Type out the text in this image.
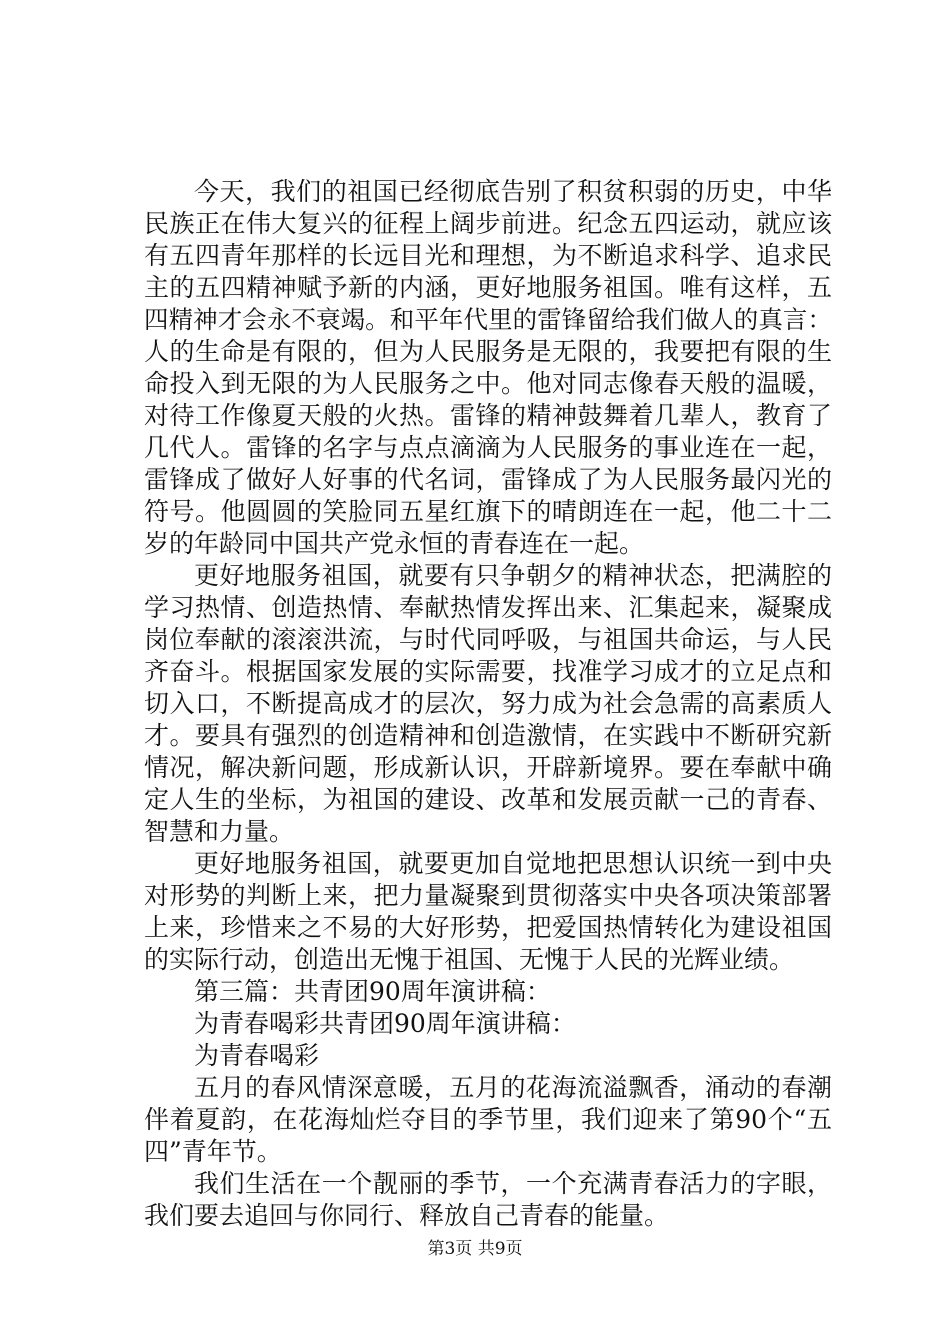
今天，我们的祖国已经彻底告别了积贫积弱的历史，中华
民族正在伟大复兴的征程上阔步前进。纪念五四运动，就应该
有五四青年那样的长远目光和理想，为不断追求科学、追求民
主的五四精神赋予新的内涵，更好地服务祖国。唯有这样，五
四精神才会永不衰竭。和平年代里的雷锋留给我们做人的真言：
人的生命是有限的，但为人民服务是无限的，我要把有限的生
命投入到无限的为人民服务之中。他对同志像春天般的温暖，
对待工作像夏天般的火热。雷锋的精神鼓舞着几辈人，教育了
几代人。雷锋的名字与点点滴滴为人民服务的事业连在一起，
雷锋成了做好人好事的代名词，雷锋成了为人民服务最闪光的
符号。他圆圆的笑脸同五星红旗下的晴朗连在一起，他二十二
岁的年龄同中国共产党永恒的青春连在一起。
更好地服务祖国，就要有只争朝夕的精神状态，把满腔的
学习热情、创造热情、奉献热情发挥出来、汇集起来，凝聚成
岗位奉献的滚滚洪流，与时代同呼吸，与祖国共命运，与人民
齐奋斗。根据国家发展的实际需要，找准学习成才的立足点和
切入口，不断提高成才的层次，努力成为社会急需的高素质人
才。要具有强烈的创造精神和创造激情，在实践中不断研究新
情况，解决新问题，形成新认识，开辟新境界。要在奉献中确
定人生的坐标，为祖国的建设、改革和发展贡献一己的青春、
智慧和力量。
更好地服务祖国，就要更加自觉地把思想认识统一到中央
对形势的判断上来，把力量凝聚到贯彻落实中央各项决策部署
上来，珍惜来之不易的大好形势，把爱国热情转化为建设祖国
的实际行动，创造出无愧于祖国、无愧于人民的光辉业绩。
第三篇：共青团90周年演讲稿：
为青春喝彩共青团90周年演讲稿：
为青春喝彩
五月的春风情深意暖，五月的花海流溢飘香，涌动的春潮
伴着夏韵，在花海灿烂夺目的季节里，我们迎来了第90个“五
四”青年节。
我们生活在一个靓丽的季节，一个充满青春活力的字眼，
我们要去追回与你同行、释放自己青春的能量。
第3页 共9页
